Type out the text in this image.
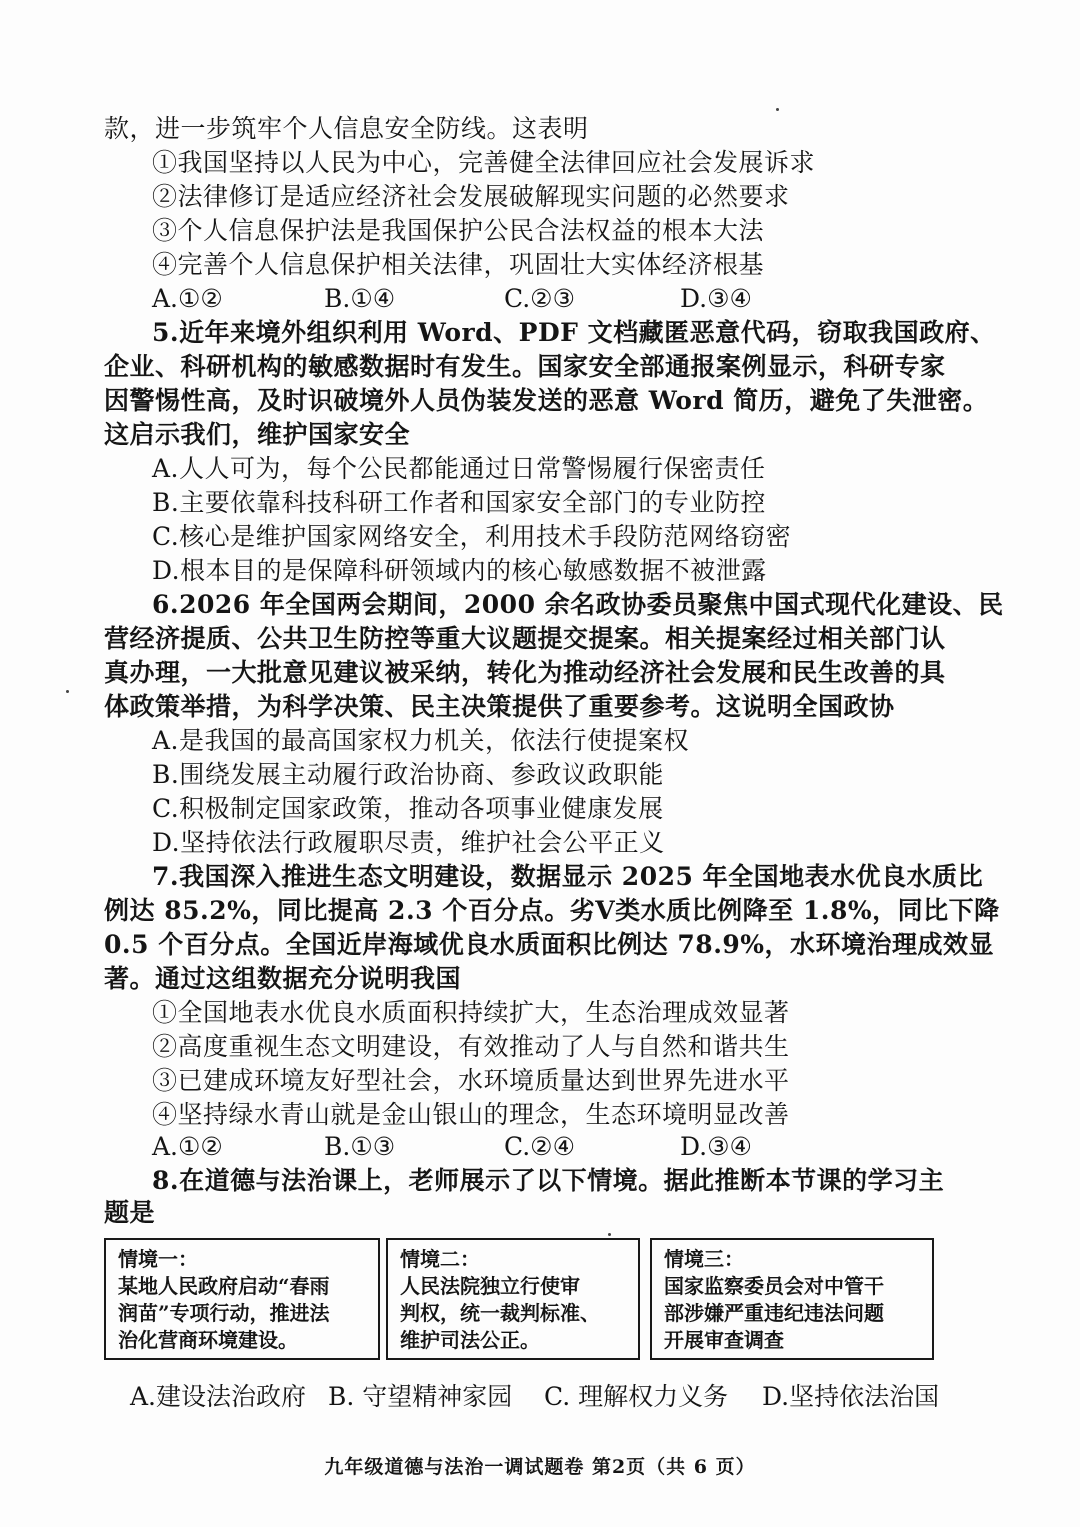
款，进一步筑牢个人信息安全防线。这表明
①我国坚持以人民为中心，完善健全法律回应社会发展诉求
②法律修订是适应经济社会发展破解现实问题的必然要求
③个人信息保护法是我国保护公民合法权益的根本大法
④完善个人信息保护相关法律，巩固壮大实体经济根基
A.①②	B.①④	C.②③	D.③④
5.近年来境外组织利用 Word、PDF 文档藏匿恶意代码，窃取我国政府、
企业、科研机构的敏感数据时有发生。国家安全部通报案例显示，科研专家
因警惕性高，及时识破境外人员伪装发送的恶意 Word 简历，避免了失泄密。
这启示我们，维护国家安全
A.人人可为，每个公民都能通过日常警惕履行保密责任
B.主要依靠科技科研工作者和国家安全部门的专业防控
C.核心是维护国家网络安全，利用技术手段防范网络窃密
D.根本目的是保障科研领域内的核心敏感数据不被泄露
6.2026 年全国两会期间，2000 余名政协委员聚焦中国式现代化建设、民
营经济提质、公共卫生防控等重大议题提交提案。相关提案经过相关部门认
真办理，一大批意见建议被采纳，转化为推动经济社会发展和民生改善的具
体政策举措，为科学决策、民主决策提供了重要参考。这说明全国政协
A.是我国的最高国家权力机关，依法行使提案权
B.围绕发展主动履行政治协商、参政议政职能
C.积极制定国家政策，推动各项事业健康发展
D.坚持依法行政履职尽责，维护社会公平正义
7.我国深入推进生态文明建设，数据显示 2025 年全国地表水优良水质比
例达 85.2%，同比提高 2.3 个百分点。劣Ⅴ类水质比例降至 1.8%，同比下降
0.5 个百分点。全国近岸海域优良水质面积比例达 78.9%，水环境治理成效显
著。通过这组数据充分说明我国
①全国地表水优良水质面积持续扩大，生态治理成效显著
②高度重视生态文明建设，有效推动了人与自然和谐共生
③已建成环境友好型社会，水环境质量达到世界先进水平
④坚持绿水青山就是金山银山的理念，生态环境明显改善
A.①②	B.①③	C.②④	D.③④
8.在道德与法治课上，老师展示了以下情境。据此推断本节课的学习主
题是
情境一：
某地人民政府启动“春雨
润苗”专项行动，推进法
治化营商环境建设。
情境二：
人民法院独立行使审
判权，统一裁判标准、
维护司法公正。
情境三：
国家监察委员会对中管干
部涉嫌严重违纪违法问题
开展审查调查
A.建设法治政府 B. 守望精神家园 C. 理解权力义务 D.坚持依法治国
九年级道德与法治一调试题卷 第2页（共 6 页）
